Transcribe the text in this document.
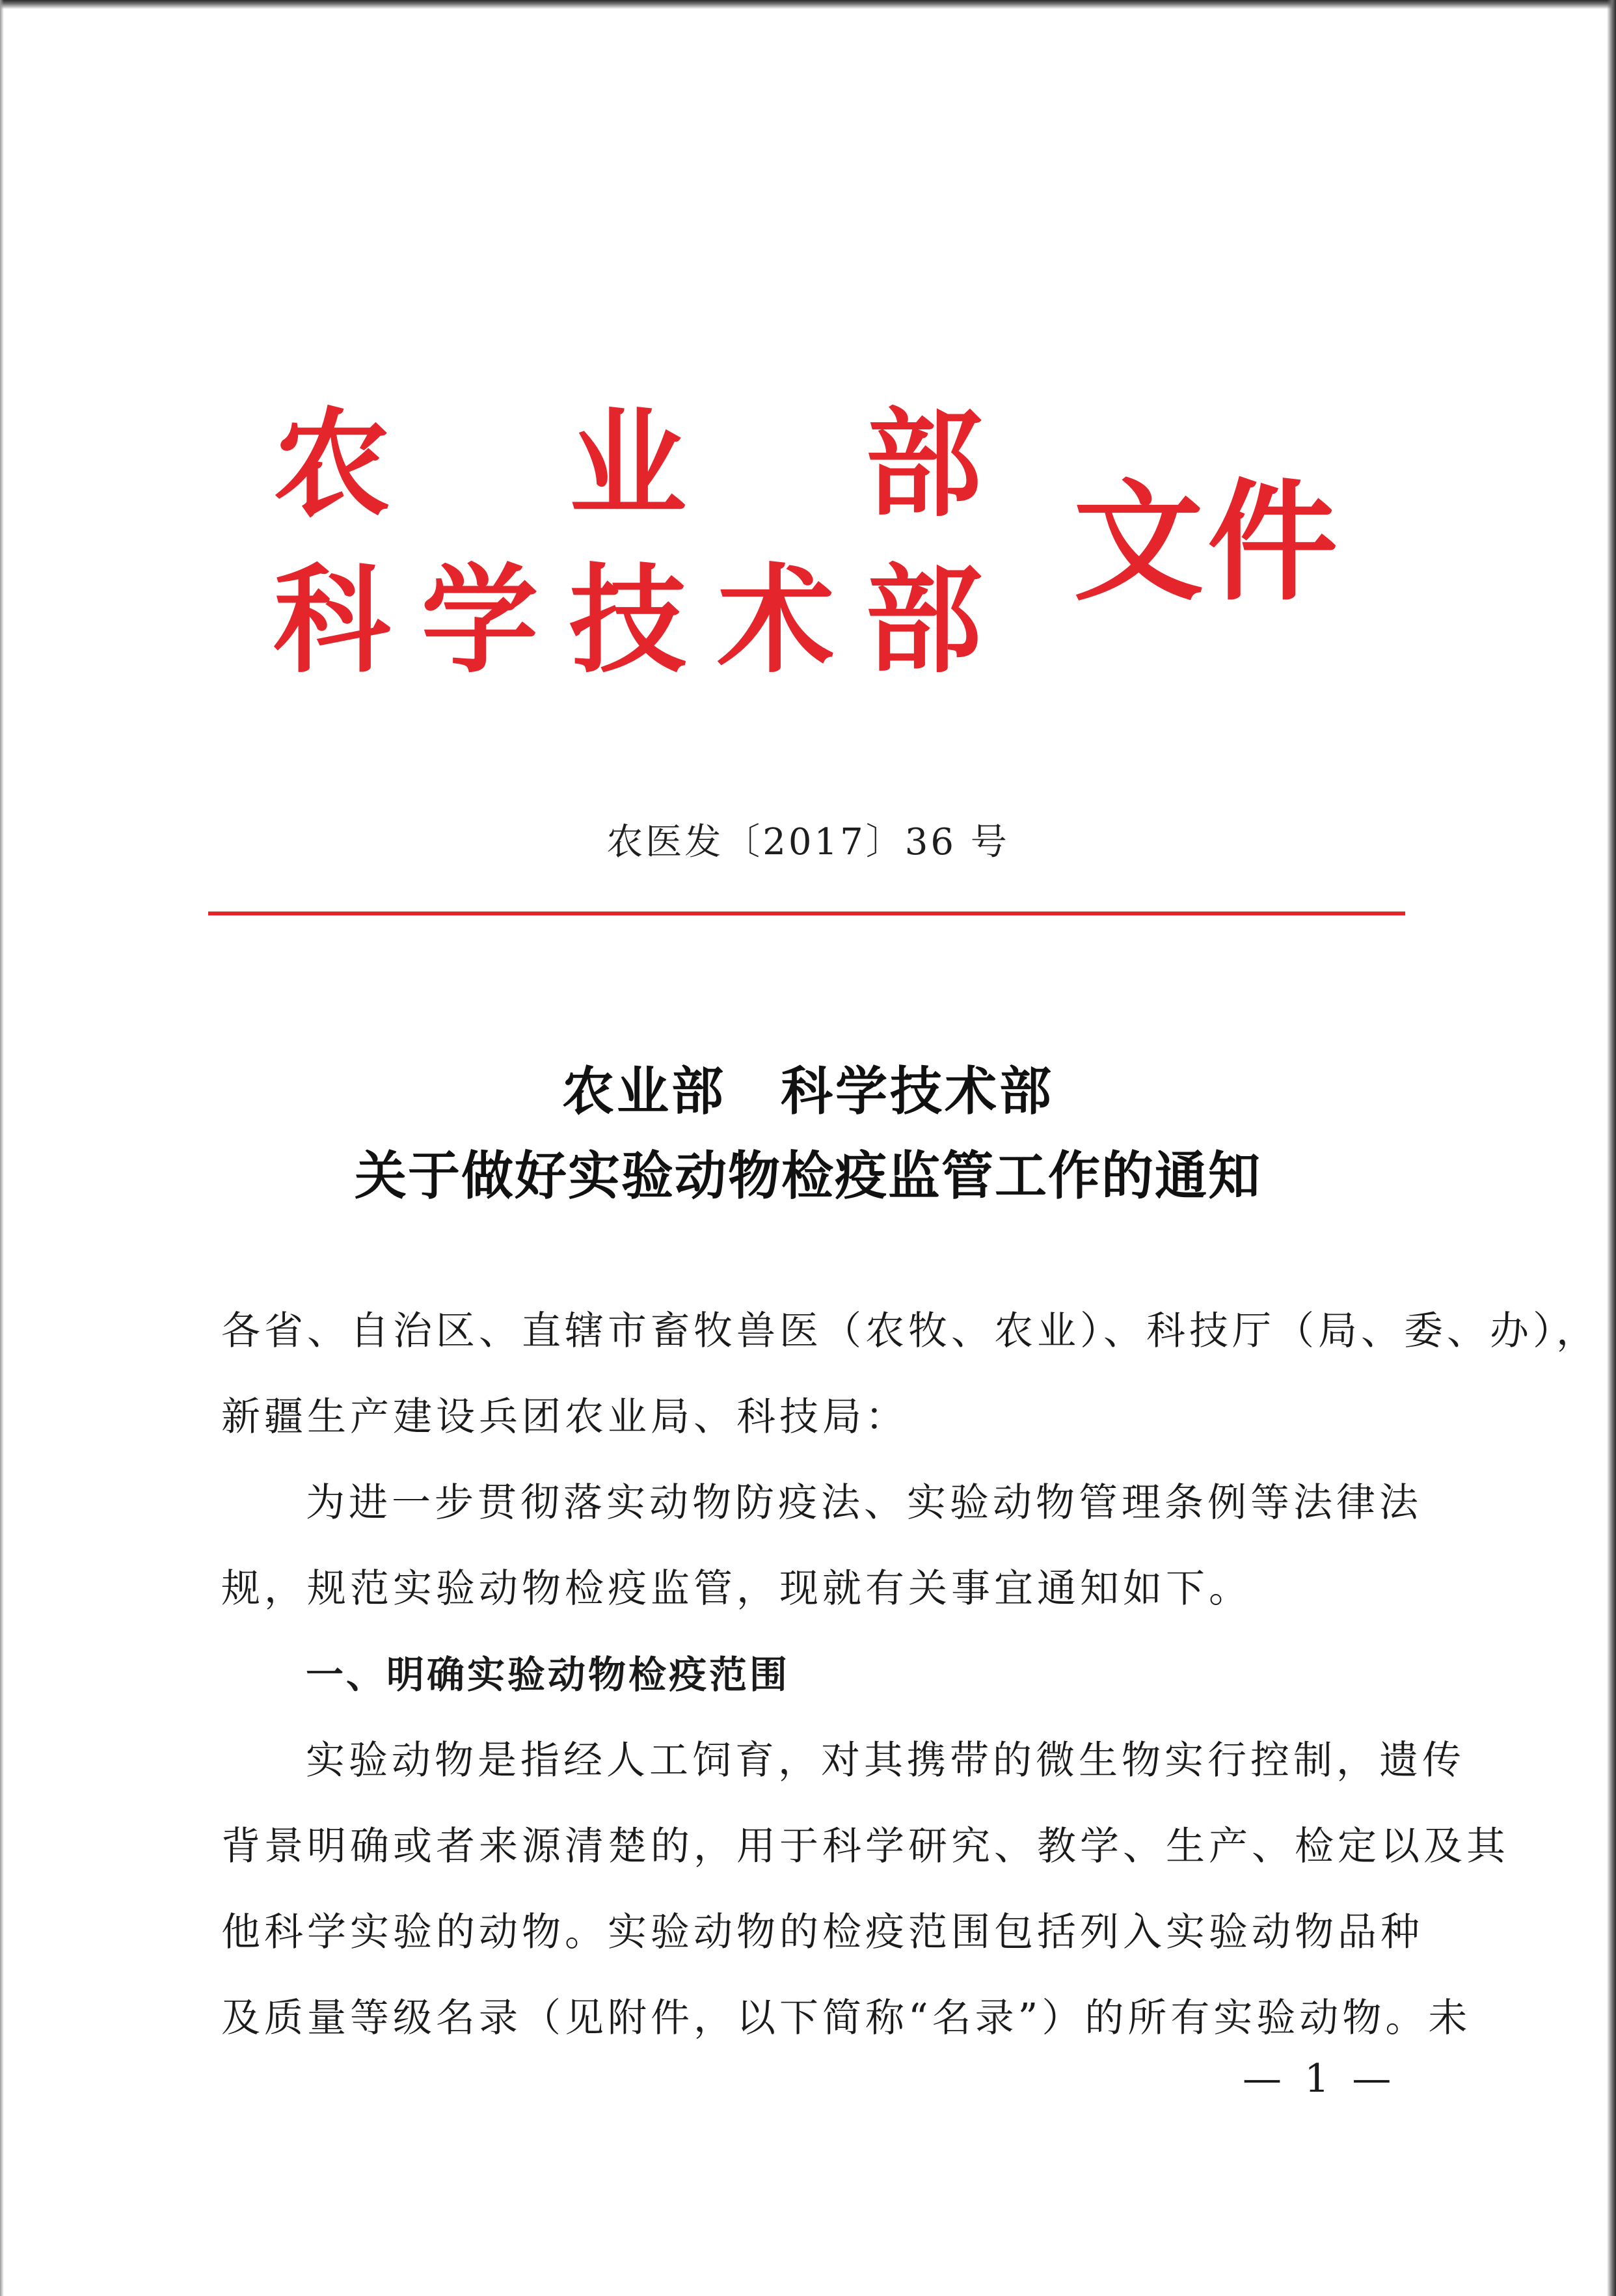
农 业 部
科 学 技 术 部
文件
农医发〔2017〕36 号
农业部　科学技术部
关于做好实验动物检疫监管工作的通知
各省、自治区、直辖市畜牧兽医（农牧、农业）、科技厅（局、委、办），
新疆生产建设兵团农业局、科技局：
为进一步贯彻落实动物防疫法、实验动物管理条例等法律法
规，规范实验动物检疫监管，现就有关事宜通知如下。
一、明确实验动物检疫范围
实验动物是指经人工饲育，对其携带的微生物实行控制，遗传
背景明确或者来源清楚的，用于科学研究、教学、生产、检定以及其
他科学实验的动物。实验动物的检疫范围包括列入实验动物品种
及质量等级名录（见附件，以下简称“名录”）的所有实验动物。未
— 1 —
